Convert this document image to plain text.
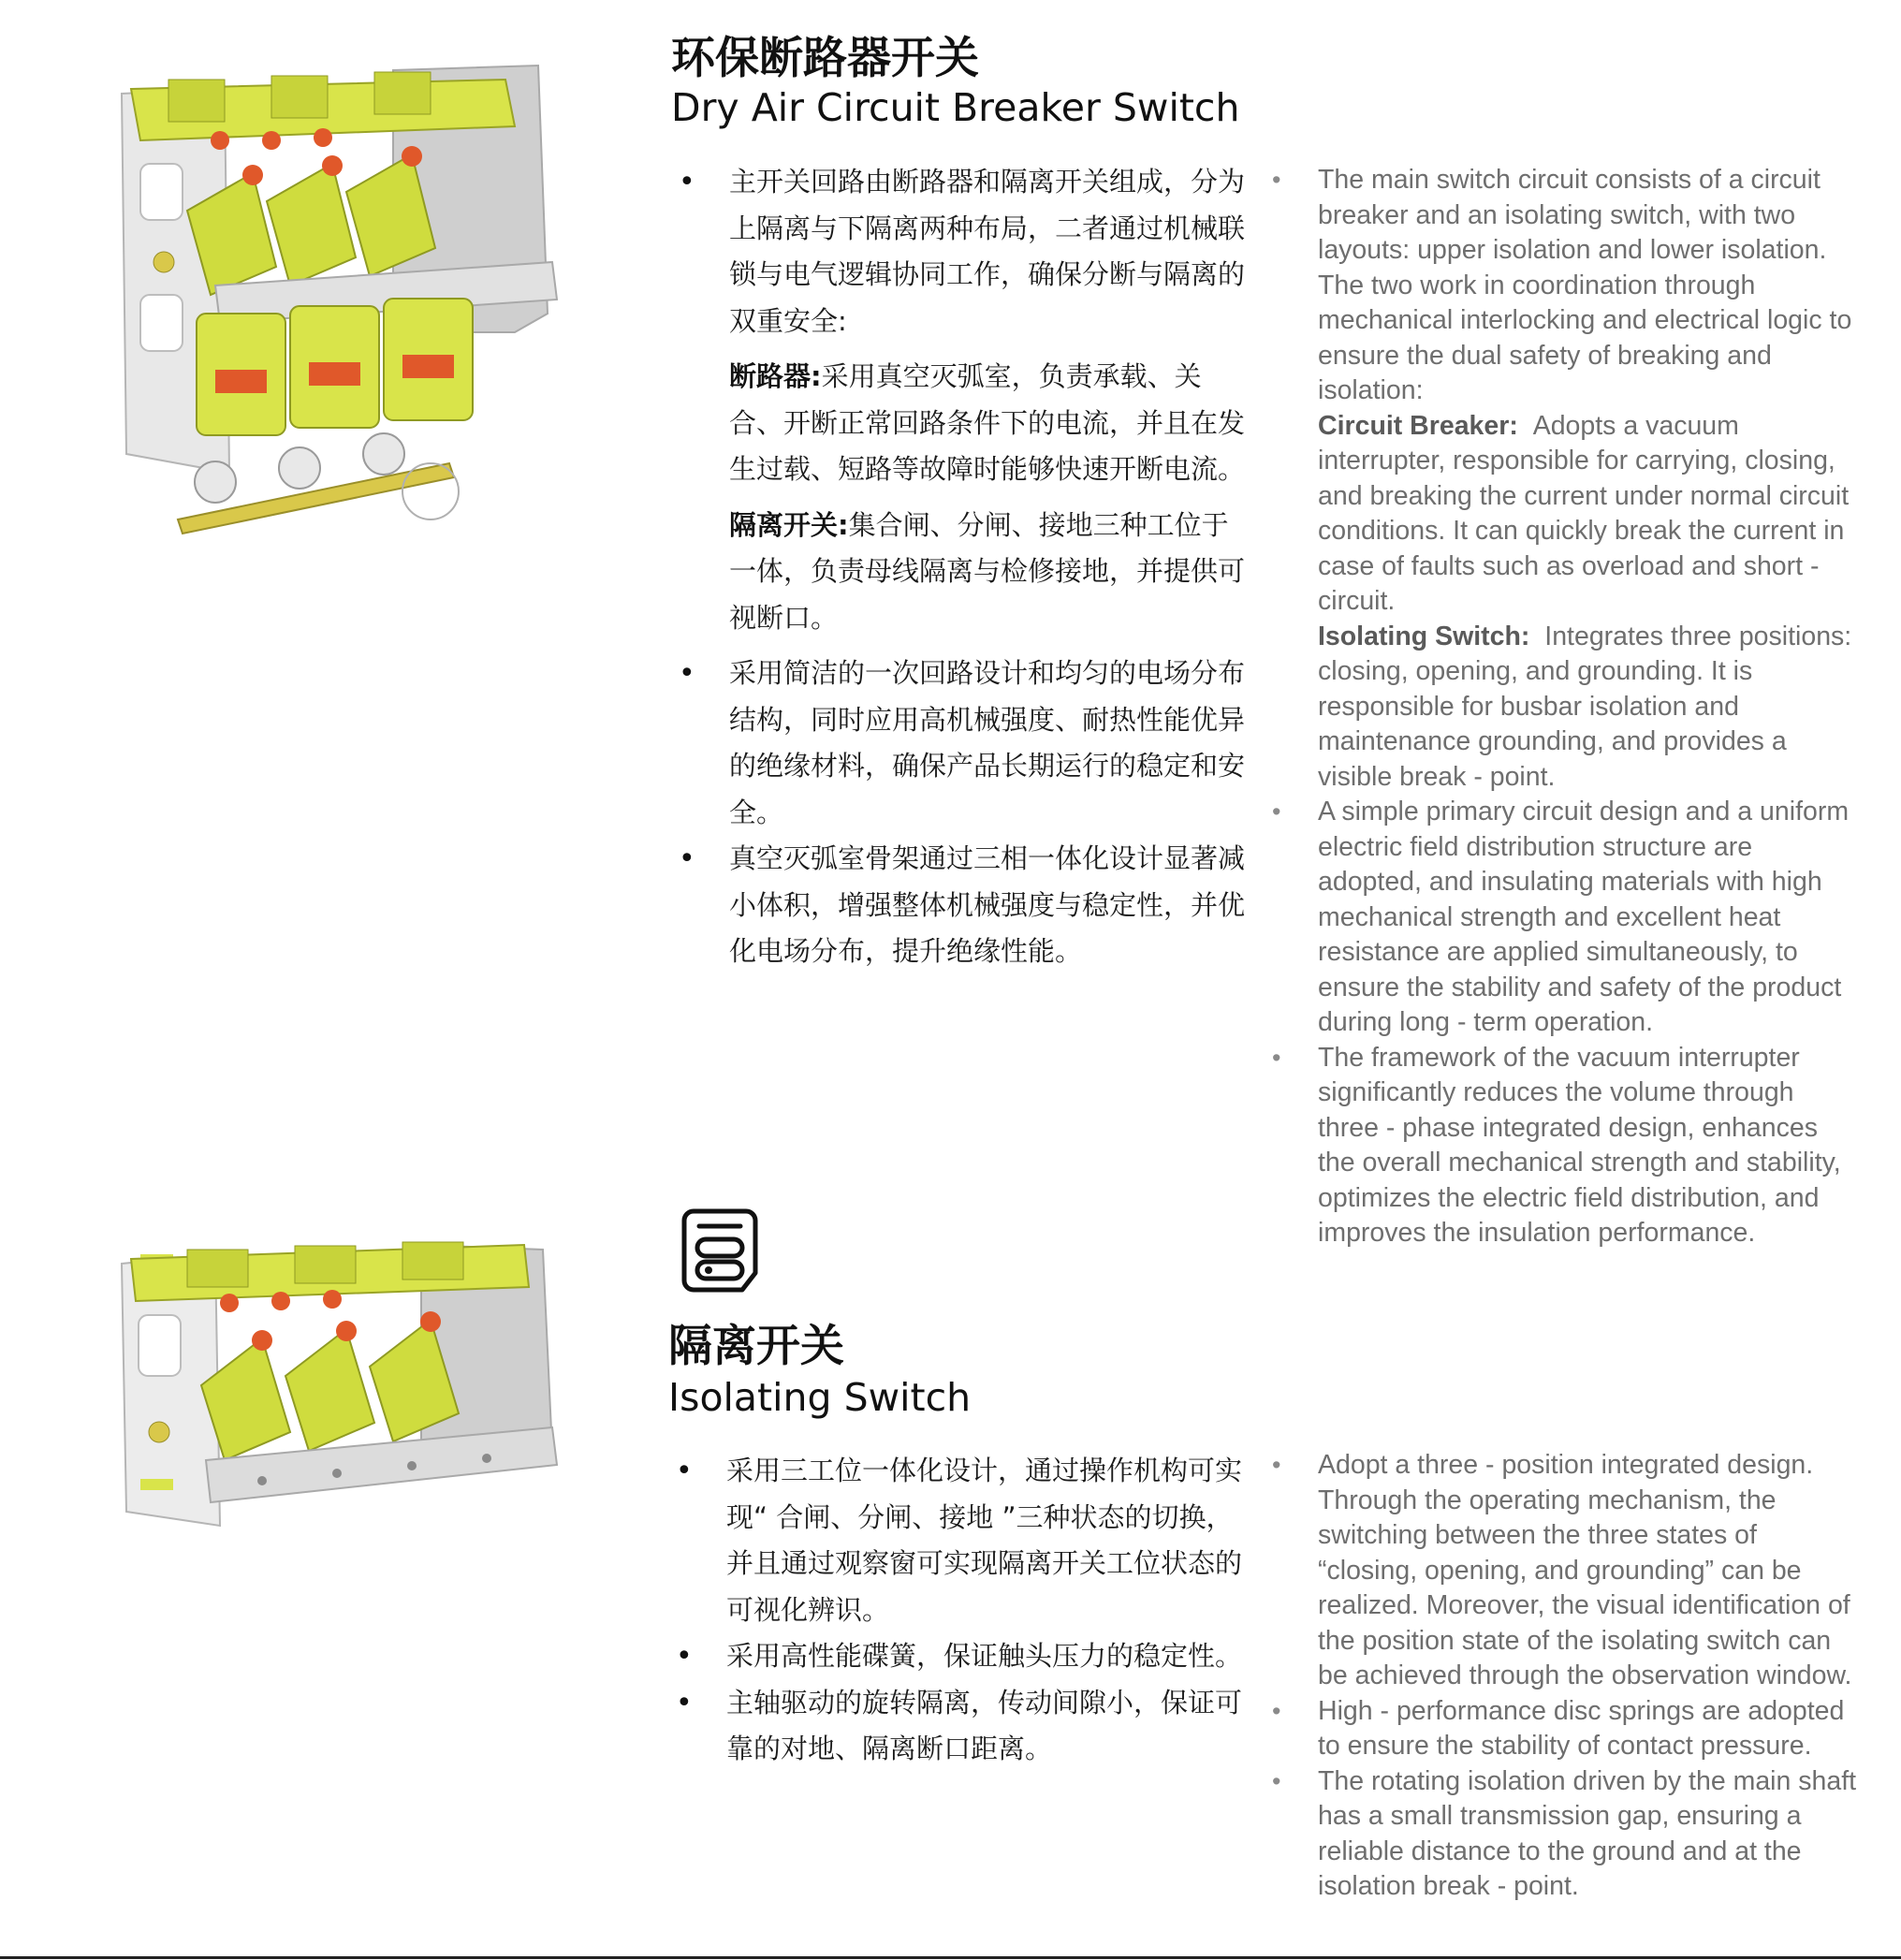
环保断路器开关
Dry Air Circuit Breaker Switch
• 主开关回路由断路器和隔离开关组成，分为上隔离与下隔离两种布局，二者通过机械联锁与电气逻辑协同工作，确保分断与隔离的双重安全:

断路器:采用真空灭弧室，负责承载、关合、开断正常回路条件下的电流，并且在发生过载、短路等故障时能够快速开断电流。

隔离开关:集合闸、分闸、接地三种工位于一体，负责母线隔离与检修接地，并提供可视断口。

• 采用简洁的一次回路设计和均匀的电场分布结构，同时应用高机械强度、耐热性能优异的绝缘材料，确保产品长期运行的稳定和安全。
• 真空灭弧室骨架通过三相一体化设计显著减小体积，增强整体机械强度与稳定性，并优化电场分布，提升绝缘性能。
• The main switch circuit consists of a circuit breaker and an isolating switch, with two layouts: upper isolation and lower isolation. The two work in coordination through mechanical interlocking and electrical logic to ensure the dual safety of breaking and isolation:

Circuit Breaker: Adopts a vacuum interrupter, responsible for carrying, closing, and breaking the current under normal circuit conditions. It can quickly break the current in case of faults such as overload and short - circuit.

Isolating Switch: Integrates three positions: closing, opening, and grounding. It is responsible for busbar isolation and maintenance grounding, and provides a visible break - point.

• A simple primary circuit design and a uniform electric field distribution structure are adopted, and insulating materials with high mechanical strength and excellent heat resistance are applied simultaneously, to ensure the stability and safety of the product during long - term operation.
• The framework of the vacuum interrupter significantly reduces the volume through three - phase integrated design, enhances the overall mechanical strength and stability, optimizes the electric field distribution, and improves the insulation performance.
隔离开关
Isolating Switch
• 采用三工位一体化设计，通过操作机构可实现“ 合闸、分闸、接地 ”三种状态的切换，并且通过观察窗可实现隔离开关工位状态的可视化辨识。
• 采用高性能碟簧，保证触头压力的稳定性。
• 主轴驱动的旋转隔离，传动间隙小，保证可靠的对地、隔离断口距离。
• Adopt a three - position integrated design. Through the operating mechanism, the switching between the three states of “closing, opening, and grounding” can be realized. Moreover, the visual identification of the position state of the isolating switch can be achieved through the observation window.
• High - performance disc springs are adopted to ensure the stability of contact pressure.
• The rotating isolation driven by the main shaft has a small transmission gap, ensuring a reliable distance to the ground and at the isolation break - point.
